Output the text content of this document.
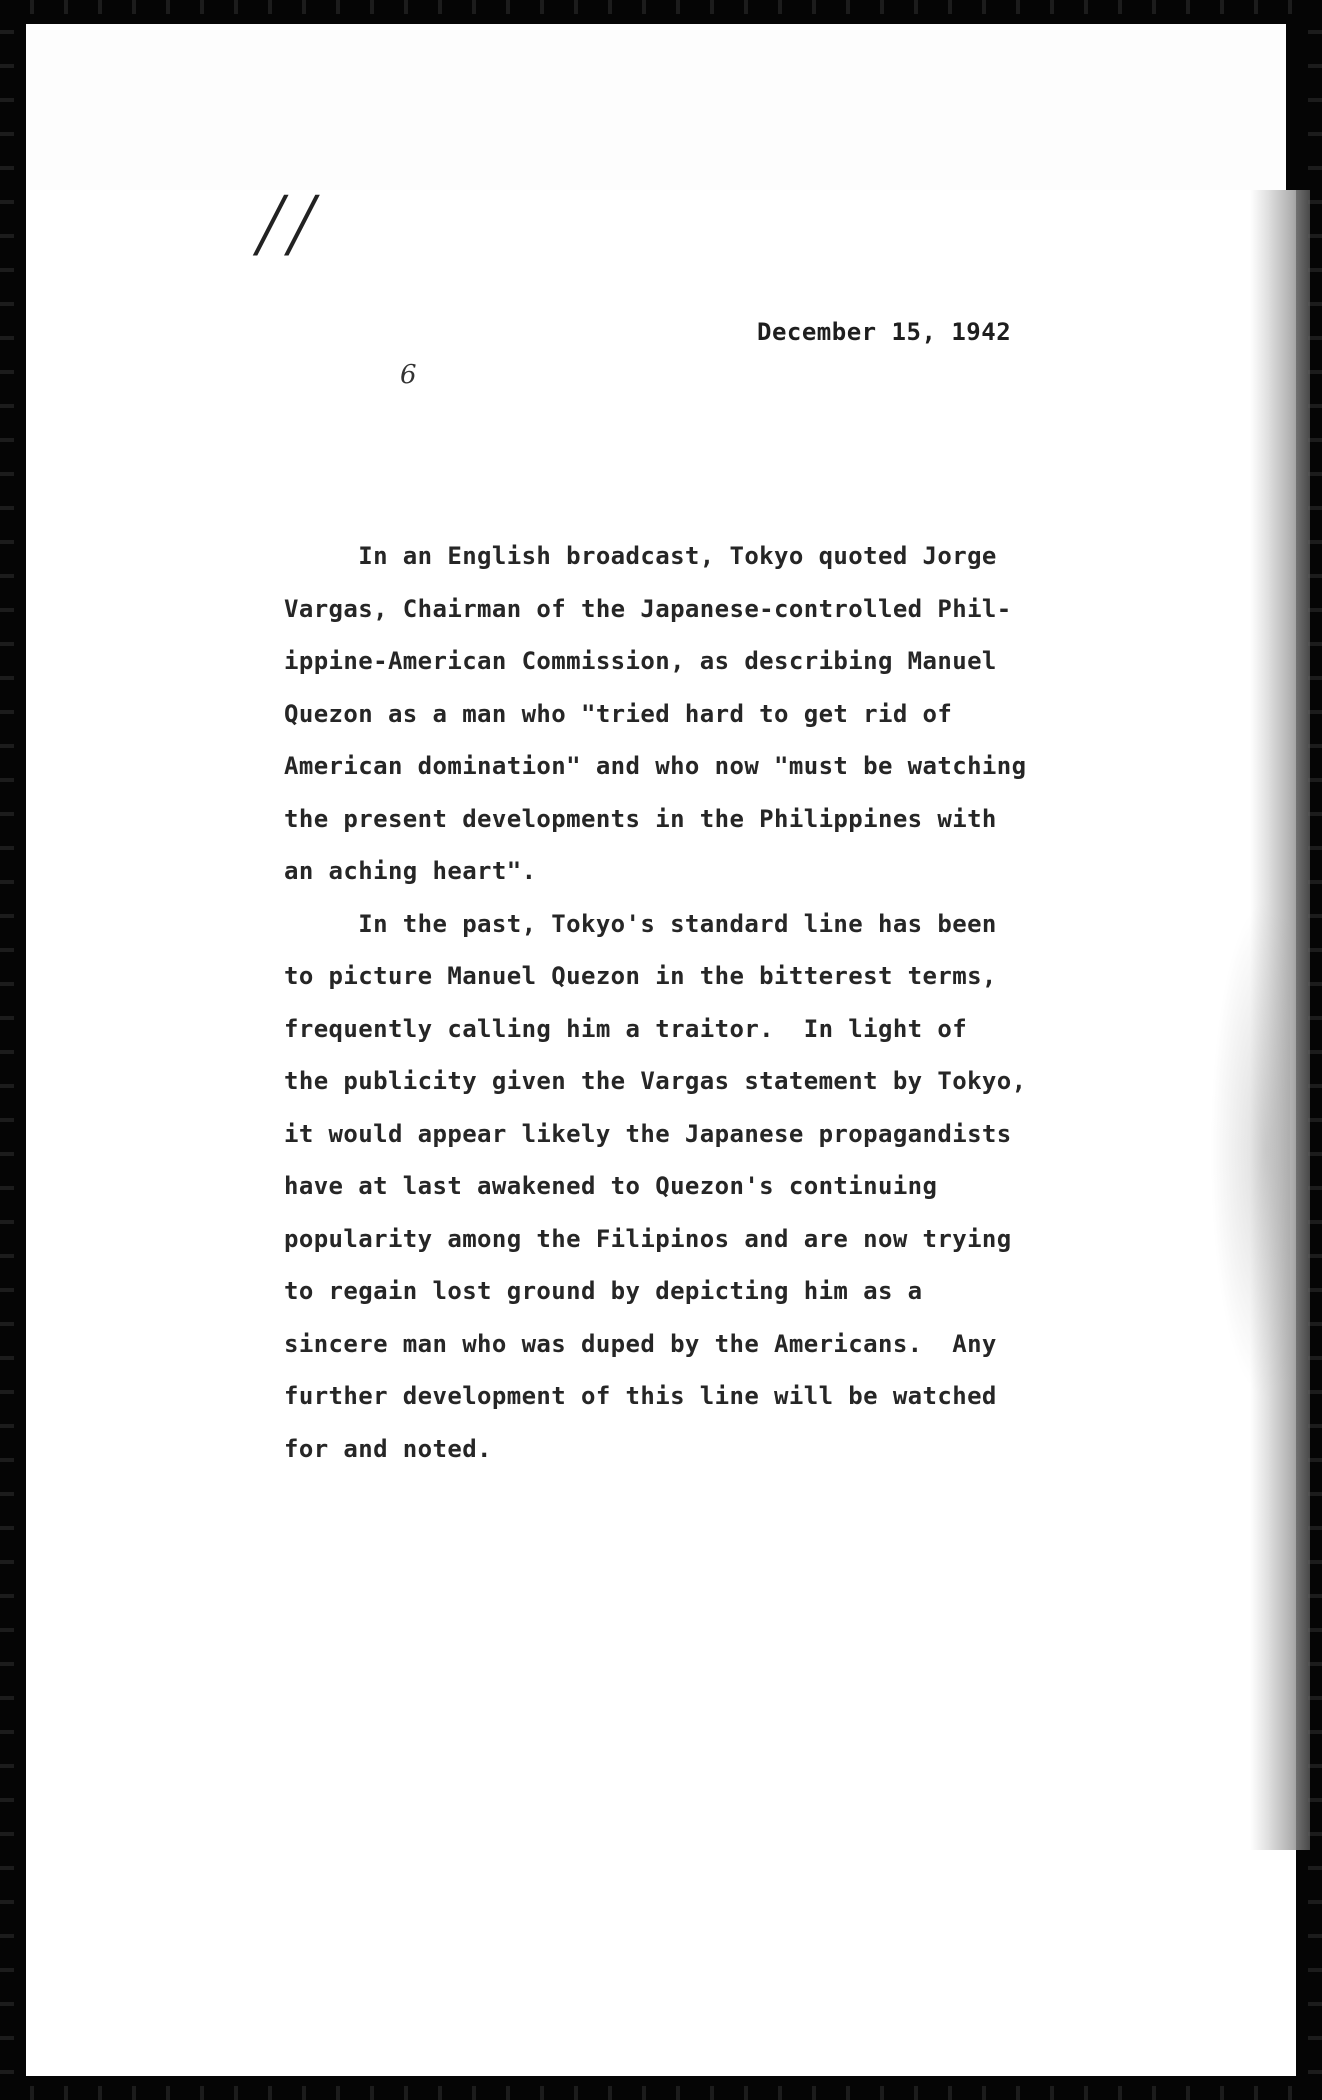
╱╱
6
December 15, 1942
In an English broadcast, Tokyo quoted Jorge
Vargas, Chairman of the Japanese-controlled Phil-
ippine-American Commission, as describing Manuel
Quezon as a man who "tried hard to get rid of
American domination" and who now "must be watching
the present developments in the Philippines with
an aching heart".
In the past, Tokyo's standard line has been
to picture Manuel Quezon in the bitterest terms,
frequently calling him a traitor.  In light of
the publicity given the Vargas statement by Tokyo,
it would appear likely the Japanese propagandists
have at last awakened to Quezon's continuing
popularity among the Filipinos and are now trying
to regain lost ground by depicting him as a
sincere man who was duped by the Americans.  Any
further development of this line will be watched
for and noted.
